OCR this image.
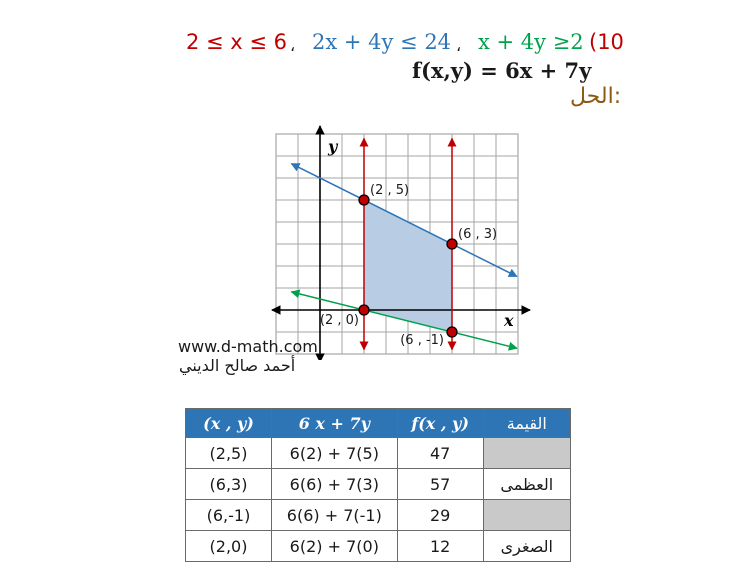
2 ≤ x ≤ 6 ، 2x + 4y ≤ 24 ، x + 4y ≥2 (10
f(x,y) = 6x + 7y
الحل:
x
y
(2 , 5)
(6 , 3)
(6 , -1)
(2 , 0)
www.d-math.com
أحمد صالح الديني
(x , y)	6 x + 7y	f(x , y)	القيمة
(2,5)	6(2) + 7(5)	47	
(6,3)	6(6) + 7(3)	57	العظمى
(6,-1)	6(6) + 7(-1)	29	
(2,0)	6(2) + 7(0)	12	الصغرى
